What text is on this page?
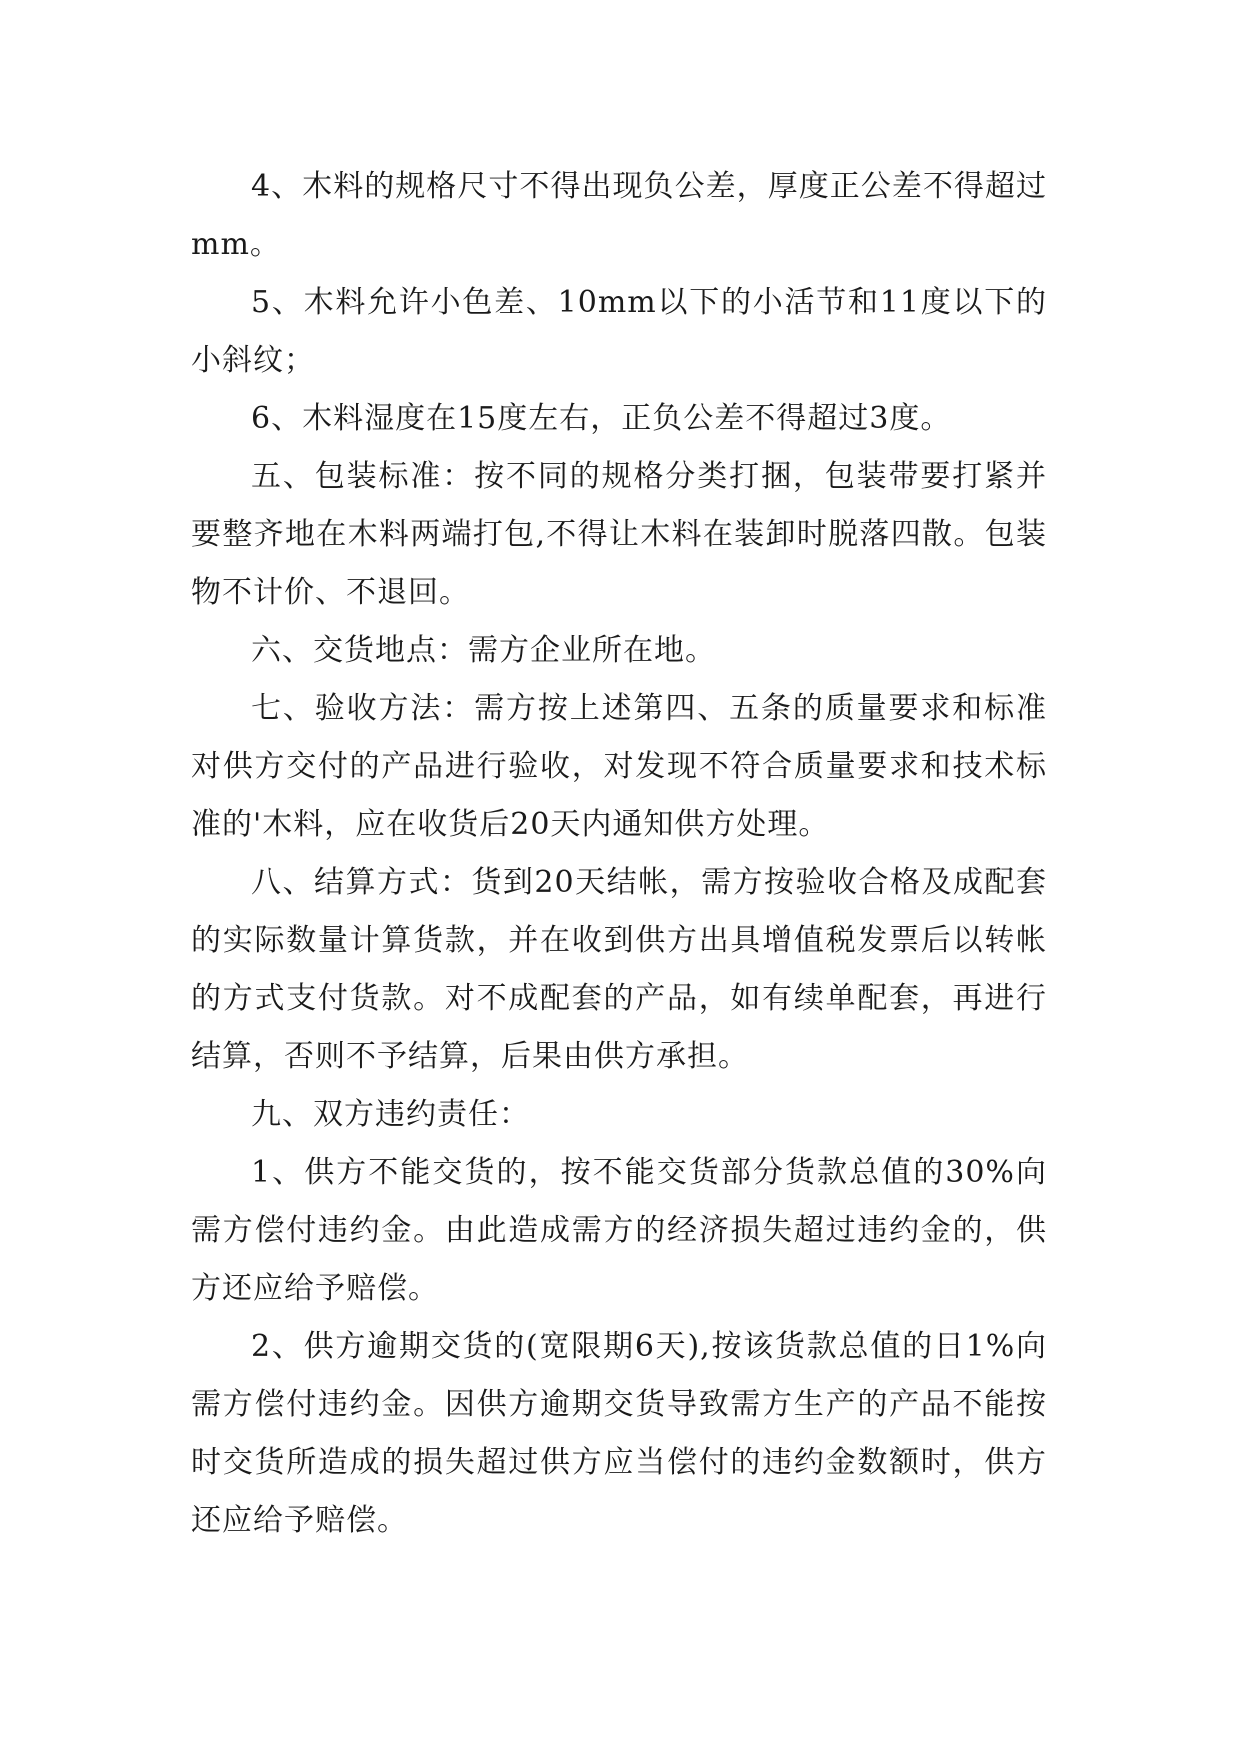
4、木料的规格尺寸不得出现负公差，厚度正公差不得超过mm。

5、木料允许小色差、10mm以下的小活节和11度以下的小斜纹；

6、木料湿度在15度左右，正负公差不得超过3度。

五、包装标准：按不同的规格分类打捆，包装带要打紧并要整齐地在木料两端打包,不得让木料在装卸时脱落四散。包装物不计价、不退回。

六、交货地点：需方企业所在地。

七、验收方法：需方按上述第四、五条的质量要求和标准对供方交付的产品进行验收，对发现不符合质量要求和技术标准的'木料，应在收货后20天内通知供方处理。

八、结算方式：货到20天结帐，需方按验收合格及成配套的实际数量计算货款，并在收到供方出具增值税发票后以转帐的方式支付货款。对不成配套的产品，如有续单配套，再进行结算，否则不予结算，后果由供方承担。

九、双方违约责任：

1、供方不能交货的，按不能交货部分货款总值的30%向需方偿付违约金。由此造成需方的经济损失超过违约金的，供方还应给予赔偿。

2、供方逾期交货的(宽限期6天),按该货款总值的日1%向需方偿付违约金。因供方逾期交货导致需方生产的产品不能按时交货所造成的损失超过供方应当偿付的违约金数额时，供方还应给予赔偿。
